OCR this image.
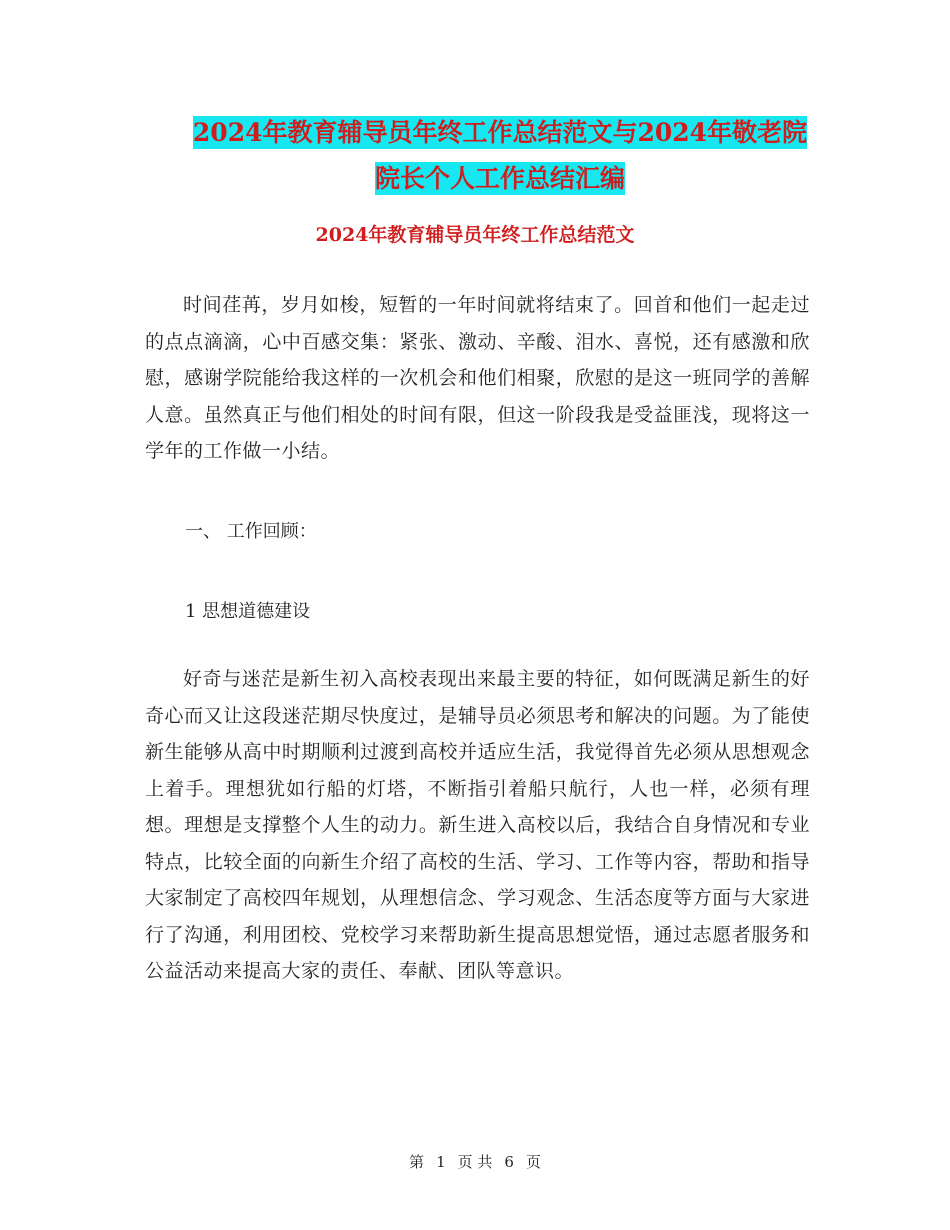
2024年教育辅导员年终工作总结范文与2024年敬老院
院长个人工作总结汇编
2024年教育辅导员年终工作总结范文

时间荏苒，岁月如梭，短暂的一年时间就将结束了。回首和他们一起走过的点点滴滴，心中百感交集：紧张、激动、辛酸、泪水、喜悦，还有感激和欣慰，感谢学院能给我这样的一次机会和他们相聚，欣慰的是这一班同学的善解人意。虽然真正与他们相处的时间有限，但这一阶段我是受益匪浅，现将这一学年的工作做一小结。

一、 工作回顾：

1 思想道德建设

好奇与迷茫是新生初入高校表现出来最主要的特征，如何既满足新生的好奇心而又让这段迷茫期尽快度过，是辅导员必须思考和解决的问题。为了能使新生能够从高中时期顺利过渡到高校并适应生活，我觉得首先必须从思想观念上着手。理想犹如行船的灯塔，不断指引着船只航行，人也一样，必须有理想。理想是支撑整个人生的动力。新生进入高校以后，我结合自身情况和专业特点，比较全面的向新生介绍了高校的生活、学习、工作等内容，帮助和指导大家制定了高校四年规划，从理想信念、学习观念、生活态度等方面与大家进行了沟通，利用团校、党校学习来帮助新生提高思想觉悟，通过志愿者服务和公益活动来提高大家的责任、奉献、团队等意识。

第 1 页 共 6 页
